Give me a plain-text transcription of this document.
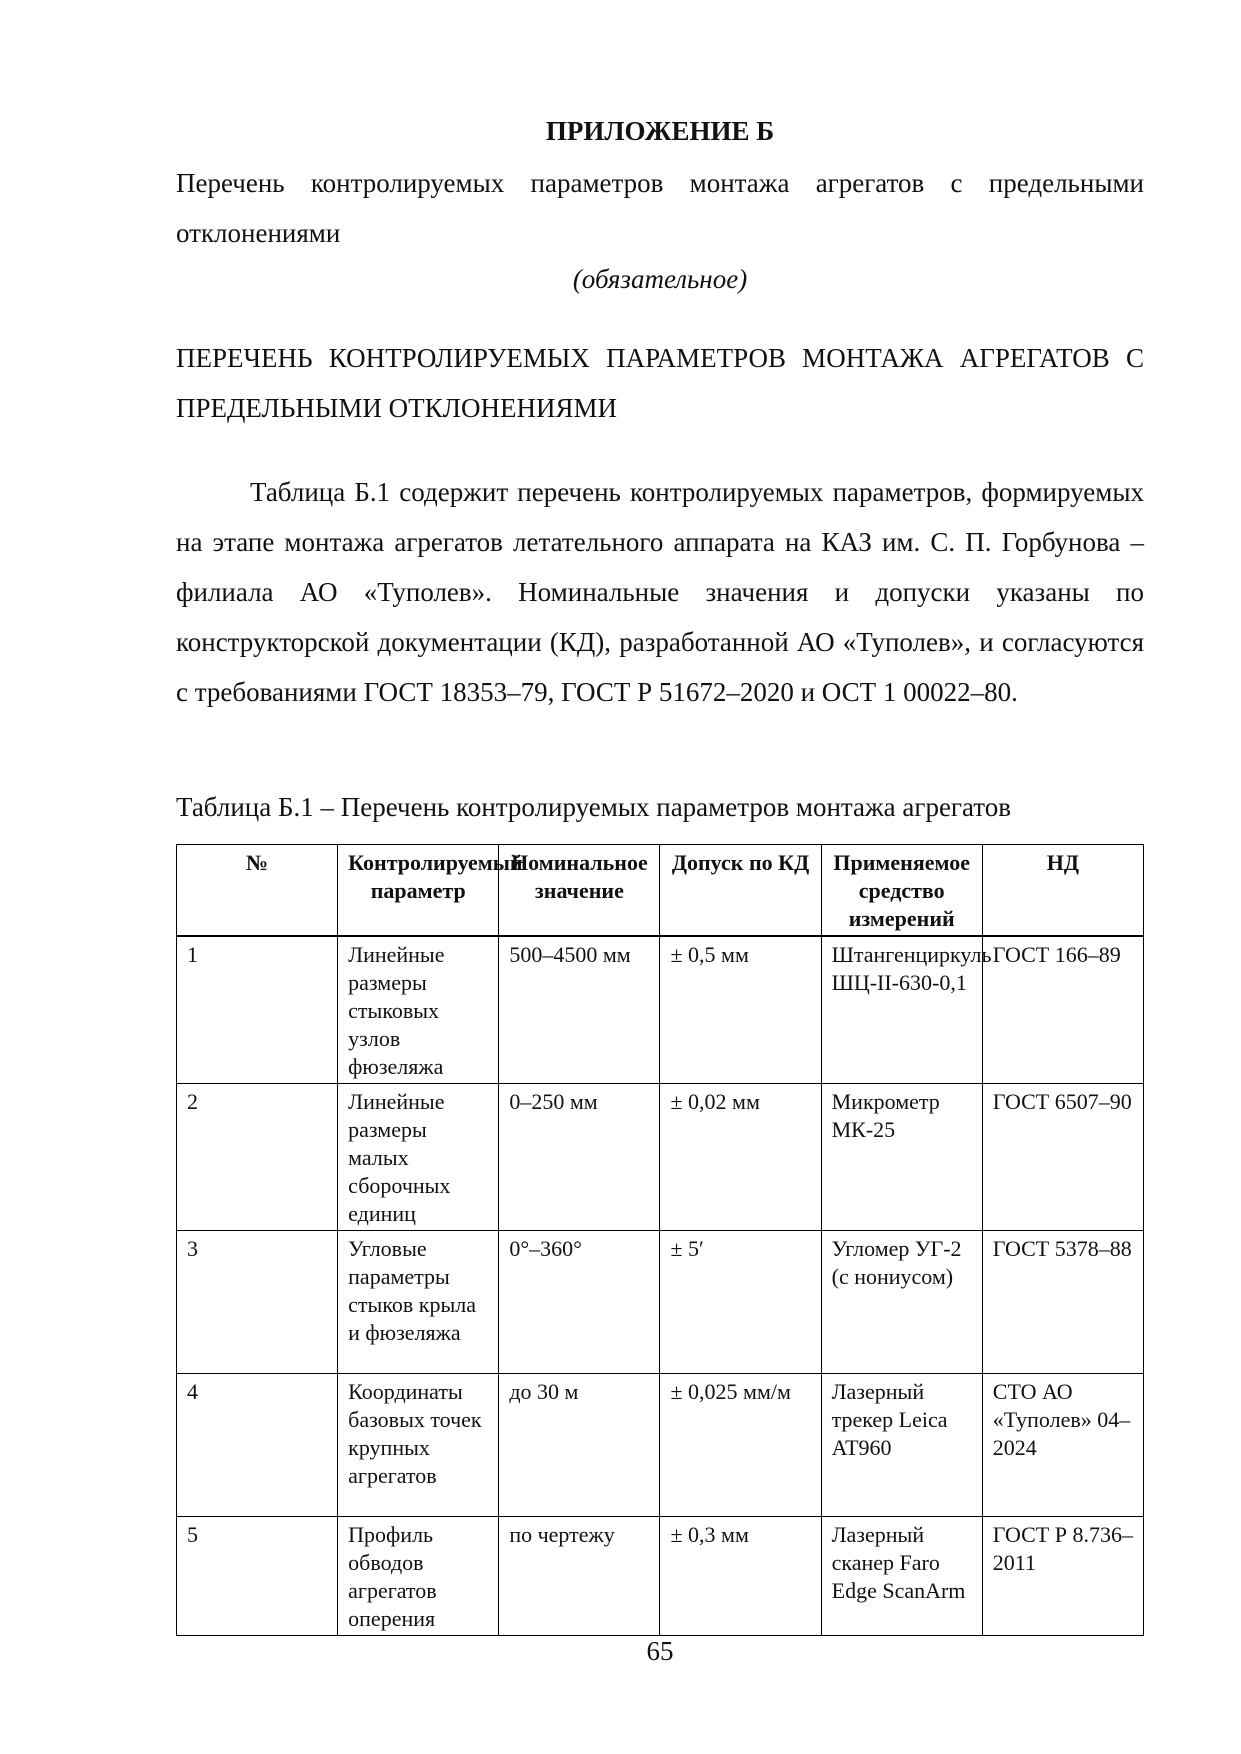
ПРИЛОЖЕНИЕ Б
Перечень контролируемых параметров монтажа агрегатов с предельными отклонениями
(обязательное)
ПЕРЕЧЕНЬ КОНТРОЛИРУЕМЫХ ПАРАМЕТРОВ МОНТАЖА АГРЕГАТОВ С ПРЕДЕЛЬНЫМИ ОТКЛОНЕНИЯМИ
Таблица Б.1 содержит перечень контролируемых параметров, формируемых на этапе монтажа агрегатов летательного аппарата на КАЗ им. С. П. Горбунова – филиала АО «Туполев». Номинальные значения и допуски указаны по конструкторской документации (КД), разработанной АО «Туполев», и согласуются с требованиями ГОСТ 18353–79, ГОСТ Р 51672–2020 и ОСТ 1 00022–80.
Таблица Б.1 – Перечень контролируемых параметров монтажа агрегатов
№	Контролируемый параметр	Номинальное значение	Допуск по КД	Применяемое средство измерений	НД
1	Линейные размеры стыковых узлов фюзеляжа	500–4500 мм	± 0,5 мм	Штангенциркуль ШЦ-II-630-0,1	ГОСТ 166–89
2	Линейные размеры малых сборочных единиц	0–250 мм	± 0,02 мм	Микрометр МК-25	ГОСТ 6507–90
3	Угловые параметры стыков крыла и фюзеляжа	0°–360°	± 5′	Угломер УГ-2 (с нониусом)	ГОСТ 5378–88
4	Координаты базовых точек крупных агрегатов	до 30 м	± 0,025 мм/м	Лазерный трекер Leica AT960	СТО АО «Туполев» 04–2024
5	Профиль обводов агрегатов оперения	по чертежу	± 0,3 мм	Лазерный сканер Faro Edge ScanArm	ГОСТ Р 8.736–2011
65
